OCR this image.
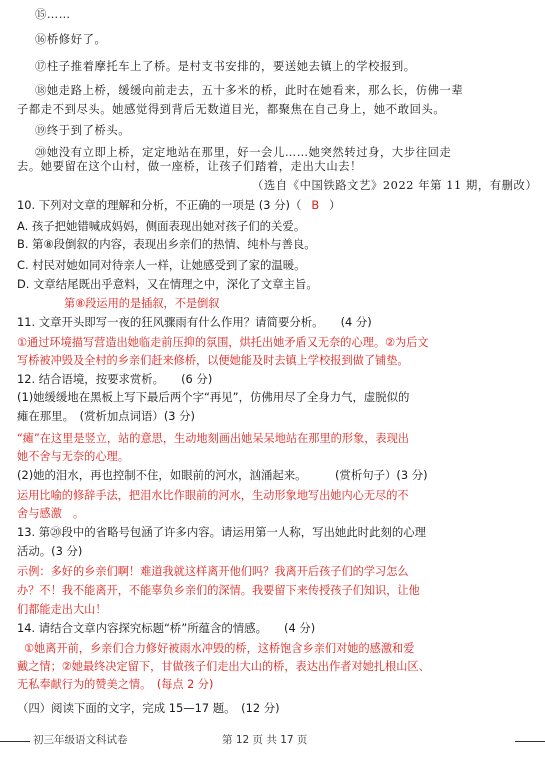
⑮……
⑯桥修好了。
⑰柱子推着摩托车上了桥。是村支书安排的，要送她去镇上的学校报到。
⑱她走路上桥，缓缓向前走去，五十多米的桥，此时在她看来，那么长，仿佛一辈
子都走不到尽头。她感觉得到背后无数道目光，都聚焦在自己身上，她不敢回头。
⑲终于到了桥头。
⑳她没有立即上桥，定定地站在那里，好一会儿……她突然转过身，大步往回走
去。她要留在这个山村，做一座桥，让孩子们踏着，走出大山去！
（选自《中国铁路文艺》2022 年第 11 期，有删改）
10. 下列对文章的理解和分析，不正确的一项是 (3 分)（ B ）
A. 孩子把她错喊成妈妈，侧面表现出她对孩子们的关爱。
B. 第⑧段倒叙的内容，表现出乡亲们的热情、纯朴与善良。
C. 村民对她如同对待亲人一样，让她感受到了家的温暖。
D. 文章结尾既出乎意料，又在情理之中，深化了文章主旨。
第⑧段运用的是插叙，不是倒叙
11. 文章开头即写一夜的狂风骤雨有什么作用？请简要分析。　　(4 分)
①通过环境描写营造出她临走前压抑的氛围，烘托出她矛盾又无奈的心理。②为后文
写桥被冲毁及全村的乡亲们赶来修桥，以便她能及时去镇上学校报到做了铺垫。
12. 结合语境，按要求赏析。　　(6 分)
(1)她缓缓地在黑板上写下最后两个字“再见”，仿佛用尽了全身力气，虚脱似的
瘫在那里。　(赏析加点词语）(3 分)
“瘫”在这里是竖立，站的意思，生动地刻画出她呆呆地站在那里的形象，表现出
她不舍与无奈的心理。
(2)她的泪水，再也控制不住，如眼前的河水，汹涌起来。　　　(赏析句子）(3 分)
运用比喻的修辞手法，把泪水比作眼前的河水，生动形象地写出她内心无尽的不
舍与感激　。
13. 第⑳段中的省略号包涵了许多内容。请运用第一人称，写出她此时此刻的心理
活动。(3 分)
示例：多好的乡亲们啊！难道我就这样离开他们吗？我离开后孩子们的学习怎么
办？不！我不能离开，不能辜负乡亲们的深情。我要留下来传授孩子们知识，让他
们都能走出大山！
14. 请结合文章内容探究标题“桥”所蕴含的情感。　　(4 分)
①她离开前，乡亲们合力修好被雨水冲毁的桥，这桥饱含乡亲们对她的感激和爱
戴之情；②她最终决定留下，甘做孩子们走出大山的桥，表达出作者对她扎根山区、
无私奉献行为的赞美之情。　(每点 2 分)
（四）阅读下面的文字，完成 15—17 题。　(12 分)
初三年级语文科试卷	第 12 页 共 17 页
